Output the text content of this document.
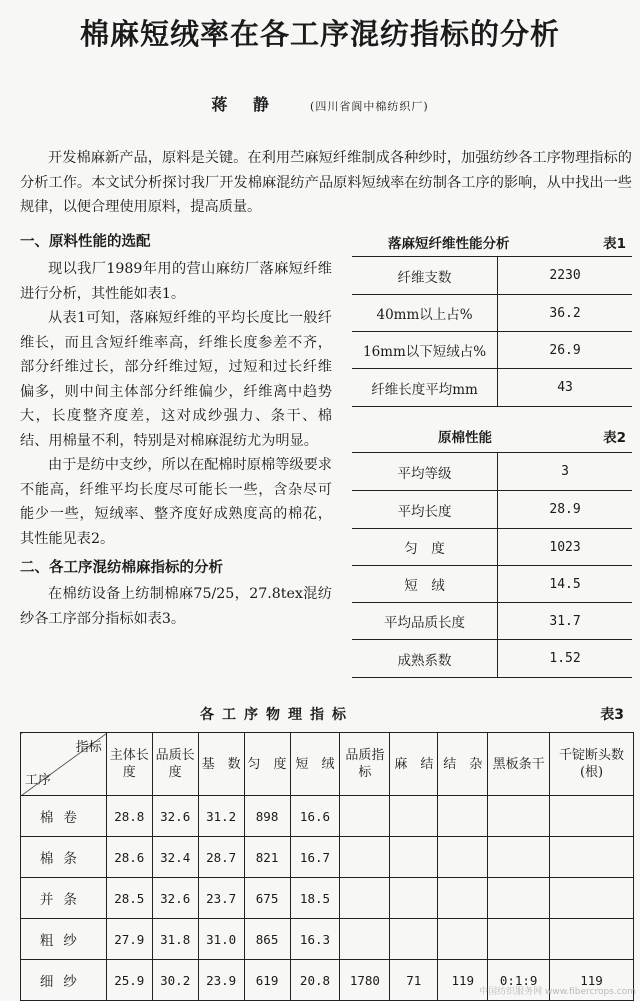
棉麻短绒率在各工序混纺指标的分析
蒋 静	(四川省阆中棉纺织厂)
开发棉麻新产品，原料是关键。在利用苎麻短纤维制成各种纱时，加强纺纱各工序物理指标的分析工作。本文试分析探讨我厂开发棉麻混纺产品原料短绒率在纺制各工序的影响，从中找出一些规律，以便合理使用原料，提高质量。
一、原料性能的选配
现以我厂1989年用的营山麻纺厂落麻短纤维进行分析，其性能如表1。
从表1可知，落麻短纤维的平均长度比一般纤维长，而且含短纤维率高，纤维长度参差不齐，部分纤维过长，部分纤维过短，过短和过长纤维偏多，则中间主体部分纤维偏少，纤维离中趋势大，长度整齐度差，这对成纱强力、条干、棉结、用棉量不利，特别是对棉麻混纺尤为明显。
由于是纺中支纱，所以在配棉时原棉等级要求不能高，纤维平均长度尽可能长一些，含杂尽可能少一些，短绒率、整齐度好成熟度高的棉花，其性能见表2。
二、各工序混纺棉麻指标的分析
在棉纺设备上纺制棉麻75/25，27.8tex混纺纱各工序部分指标如表3。
落麻短纤维性能分析	表1
纤维支数	2230
40mm以上占%	36.2
16mm以下短绒占%	26.9
纤维长度平均mm	43
原棉性能	表2
平均等级	3
平均长度	28.9
匀　度	1023
短　绒	14.5
平均品质长度	31.7
成熟系数	1.52
各工序物理指标	表3
指标
工序	主体长度	品质长度	基　数	匀　度	短　绒	品质指标	麻　结	结　杂	黑板条干	千锭断头数(根)
棉卷	28.8	32.6	31.2	898	16.6					
棉条	28.6	32.4	28.7	821	16.7					
并条	28.5	32.6	23.7	675	18.5					
粗纱	27.9	31.8	31.0	865	16.3					
细纱	25.9	30.2	23.9	619	20.8	1780	71	119	0:1:9	119
中国纺织服务网 www.fibercrops.com
